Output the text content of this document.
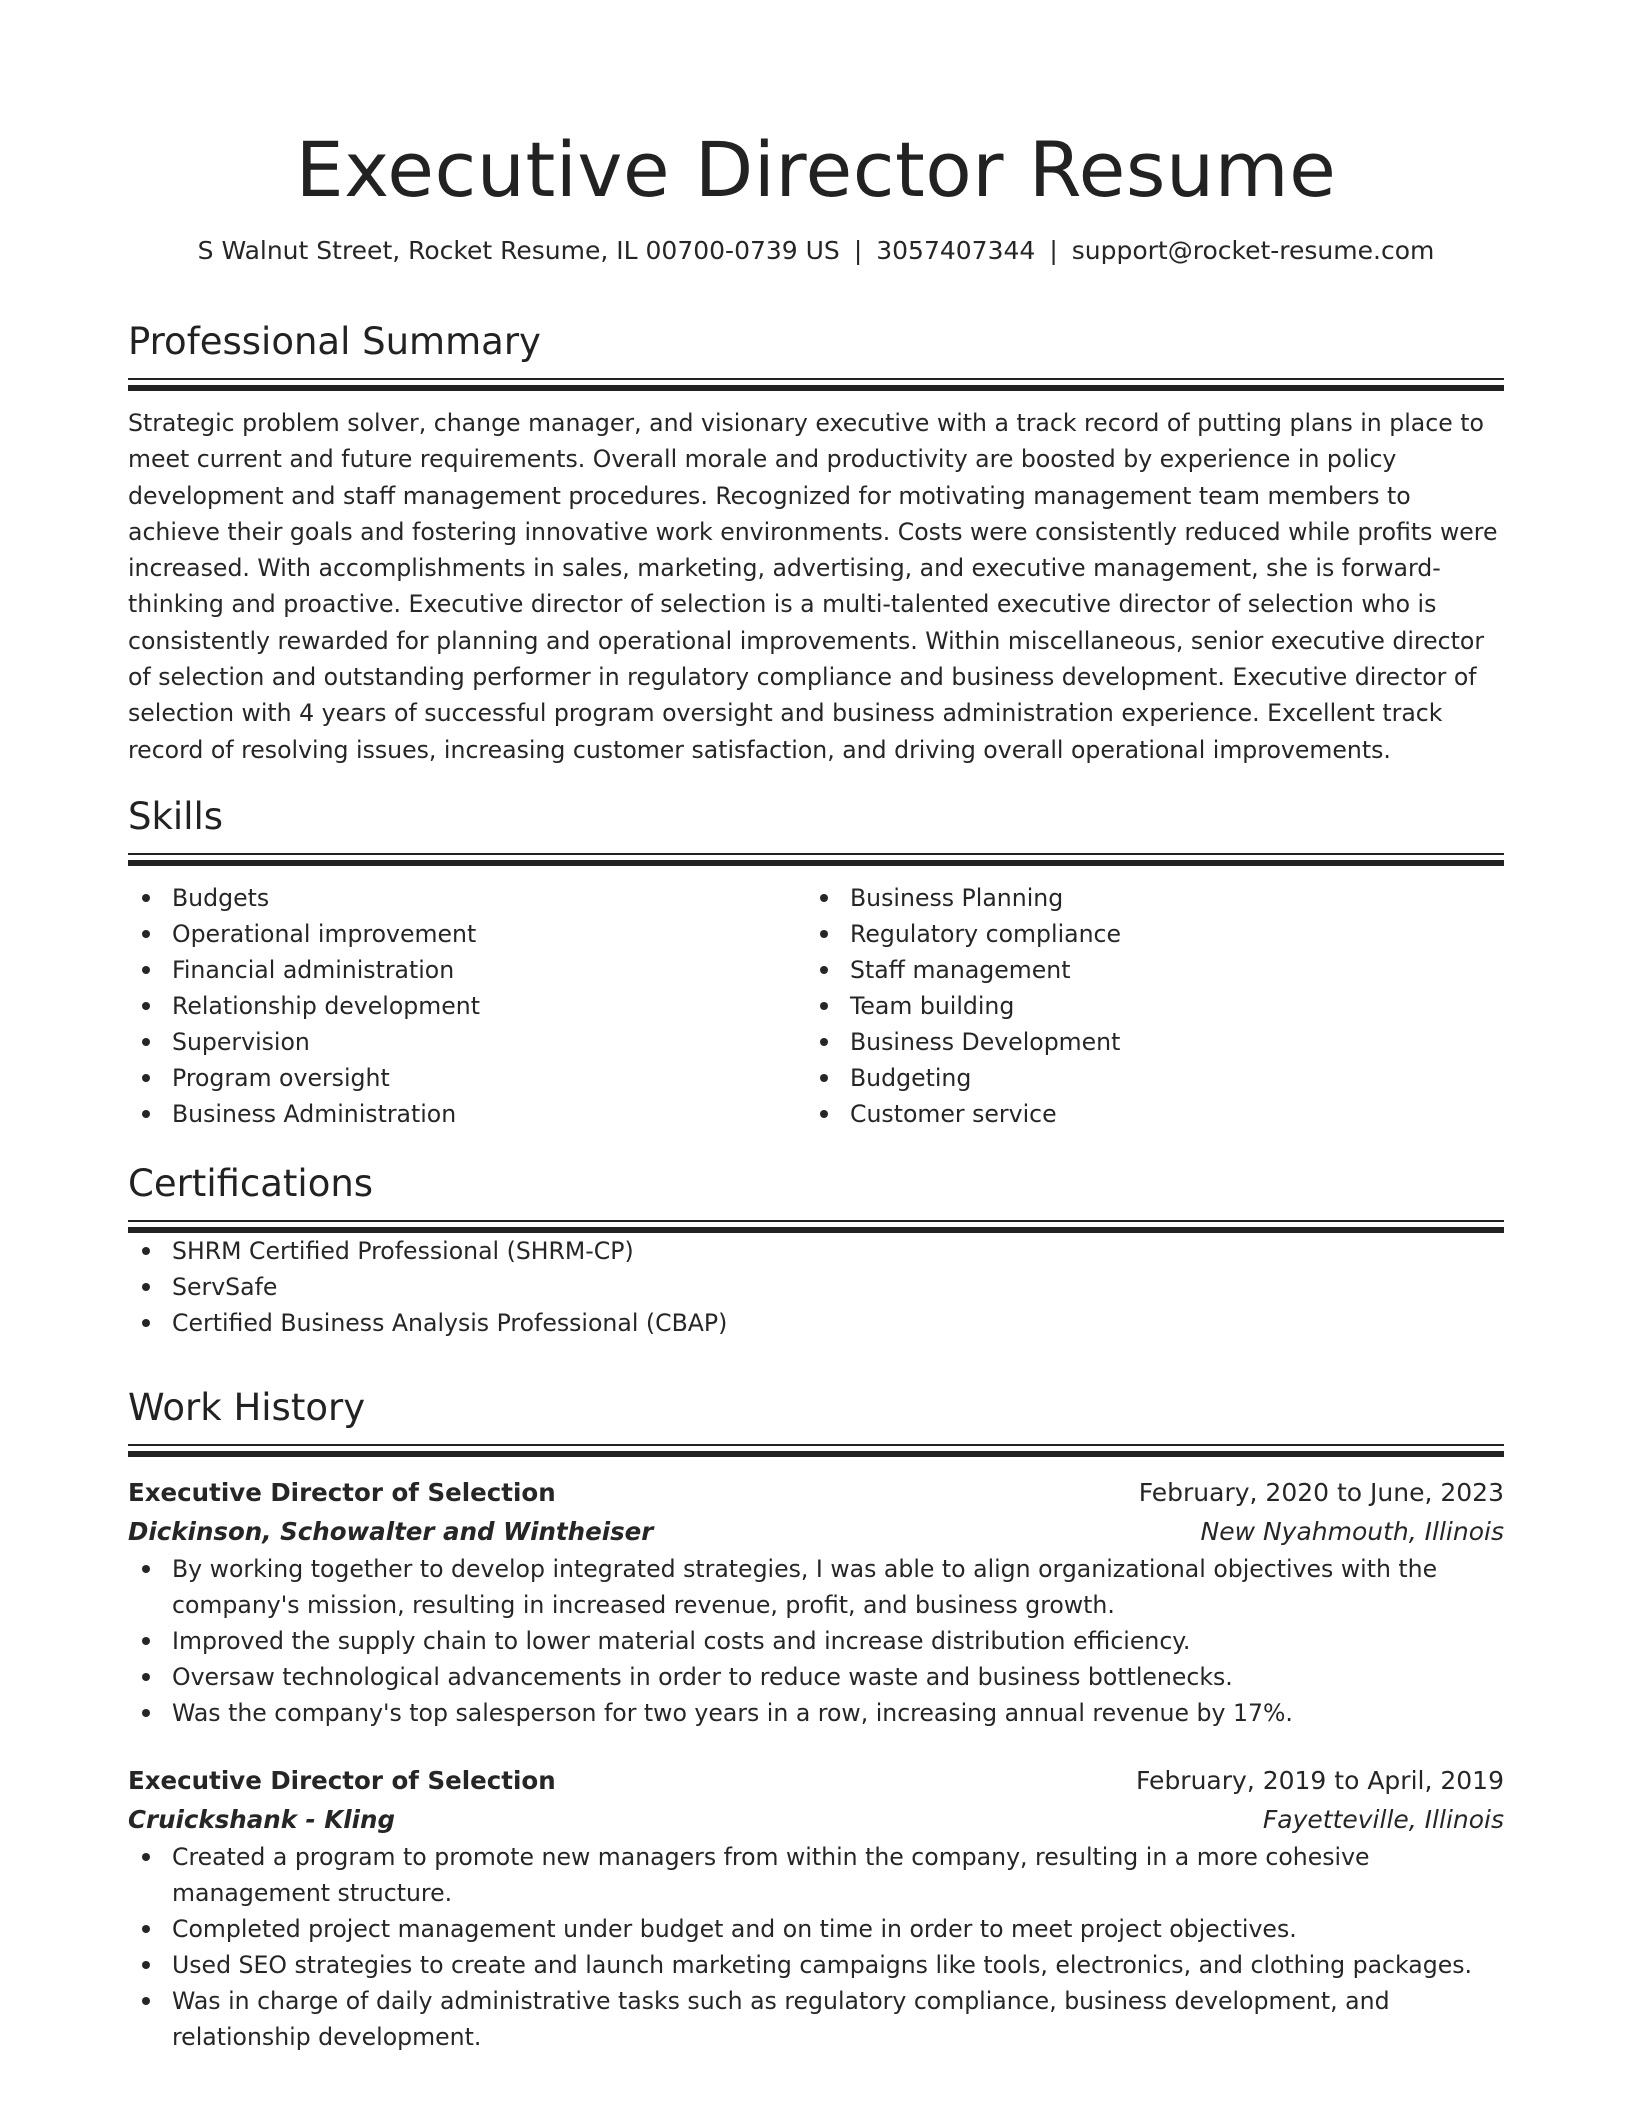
Executive Director Resume
S Walnut Street, Rocket Resume, IL 00700-0739 US | 3057407344 | support@rocket-resume.com
Professional Summary
Strategic problem solver, change manager, and visionary executive with a track record of putting plans in place to meet current and future requirements. Overall morale and productivity are boosted by experience in policy development and staff management procedures. Recognized for motivating management team members to achieve their goals and fostering innovative work environments. Costs were consistently reduced while profits were increased. With accomplishments in sales, marketing, advertising, and executive management, she is forward-thinking and proactive. Executive director of selection is a multi-talented executive director of selection who is consistently rewarded for planning and operational improvements. Within miscellaneous, senior executive director of selection and outstanding performer in regulatory compliance and business development. Executive director of selection with 4 years of successful program oversight and business administration experience. Excellent track record of resolving issues, increasing customer satisfaction, and driving overall operational improvements.
Skills
Budgets
Operational improvement
Financial administration
Relationship development
Supervision
Program oversight
Business Administration
Business Planning
Regulatory compliance
Staff management
Team building
Business Development
Budgeting
Customer service
Certifications
SHRM Certified Professional (SHRM-CP)
ServSafe
Certified Business Analysis Professional (CBAP)
Work History
Executive Director of Selection	February, 2020 to June, 2023
Dickinson, Schowalter and Wintheiser	New Nyahmouth, Illinois
By working together to develop integrated strategies, I was able to align organizational objectives with the company's mission, resulting in increased revenue, profit, and business growth.
Improved the supply chain to lower material costs and increase distribution efficiency.
Oversaw technological advancements in order to reduce waste and business bottlenecks.
Was the company's top salesperson for two years in a row, increasing annual revenue by 17%.
Executive Director of Selection	February, 2019 to April, 2019
Cruickshank - Kling	Fayetteville, Illinois
Created a program to promote new managers from within the company, resulting in a more cohesive management structure.
Completed project management under budget and on time in order to meet project objectives.
Used SEO strategies to create and launch marketing campaigns like tools, electronics, and clothing packages.
Was in charge of daily administrative tasks such as regulatory compliance, business development, and relationship development.
